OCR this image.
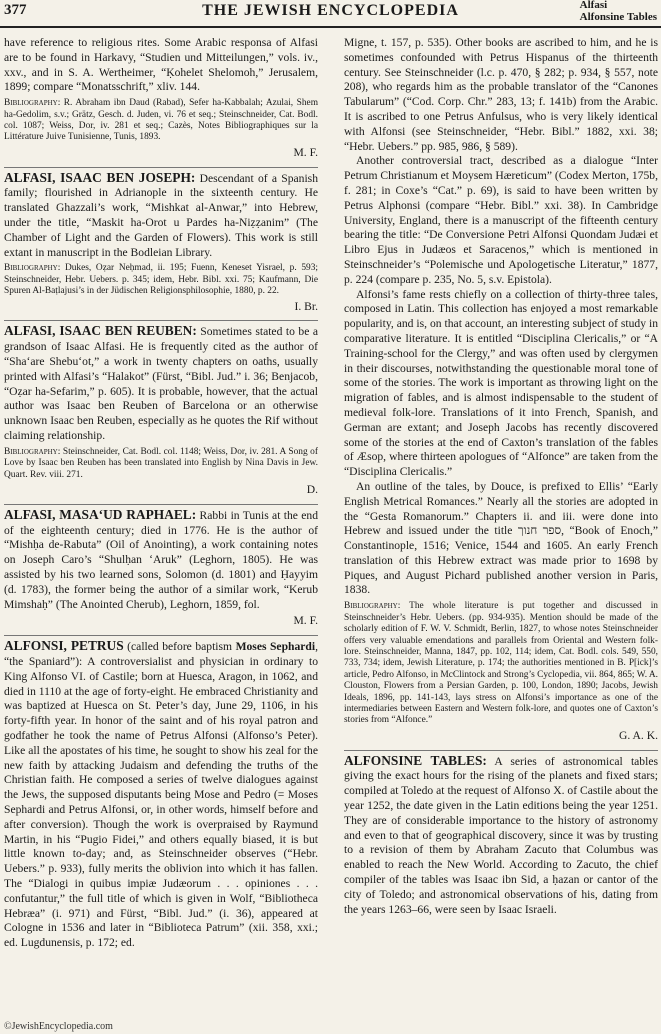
377	THE JEWISH ENCYCLOPEDIA	Alfasi
Alfonsine Tables

have reference to religious rites. Some Arabic responsa of Alfasi are to be found in Harkavy, “Studien und Mitteilungen,” vols. iv., xxv., and in S. A. Wertheimer, “Ḳohelet Shelomoh,” Jerusalem, 1899; compare “Monatsschrift,” xliv. 144.

Bibliography: R. Abraham ibn Daud (Rabad), Sefer ha-Kabbalah; Azulai, Shem ha-Gedolim, s.v.; Grätz, Gesch. d. Juden, vi. 76 et seq.; Steinschneider, Cat. Bodl. col. 1087; Weiss, Dor, iv. 281 et seq.; Cazès, Notes Bibliographiques sur la Littérature Juive Tunisienne, Tunis, 1893.

M. F.

ALFASI, ISAAC BEN JOSEPH: Descendant of a Spanish family; flourished in Adrianople in the sixteenth century. He translated Ghazzali’s work, “Mishkat al-Anwar,” into Hebrew, under the title, “Maskit ha-Orot u Pardes ha-Niẓẓanim” (The Chamber of Light and the Garden of Flowers). This work is still extant in manuscript in the Bodleian Library.

Bibliography: Dukes, Oẓar Neḥmad, ii. 195; Fuenn, Keneset Yisrael, p. 593; Steinschneider, Hebr. Uebers. p. 345; idem, Hebr. Bibl. xxi. 75; Kaufmann, Die Spuren Al-Baṭlajusi’s in der Jüdischen Religionsphilosophie, 1880, p. 22.

I. Br.

ALFASI, ISAAC BEN REUBEN: Sometimes stated to be a grandson of Isaac Alfasi. He is frequently cited as the author of “Sha‘are Shebu‘ot,” a work in twenty chapters on oaths, usually printed with Alfasi’s “Halakot” (Fürst, “Bibl. Jud.” i. 36; Benjacob, “Oẓar ha-Sefarim,” p. 605). It is probable, however, that the actual author was Isaac ben Reuben of Barcelona or an otherwise unknown Isaac ben Reuben, especially as he quotes the Rif without claiming relationship.

Bibliography: Steinschneider, Cat. Bodl. col. 1148; Weiss, Dor, iv. 281. A Song of Love by Isaac ben Reuben has been translated into English by Nina Davis in Jew. Quart. Rev. viii. 271.

D.

ALFASI, MASA‘UD RAPHAEL: Rabbi in Tunis at the end of the eighteenth century; died in 1776. He is the author of “Mishḥa de-Rabuta” (Oil of Anointing), a work containing notes on Joseph Caro’s “Shulḥan ‘Aruk” (Leghorn, 1805). He was assisted by his two learned sons, Solomon (d. 1801) and Ḥayyim (d. 1783), the former being the author of a similar work, “Kerub Mimshaḥ” (The Anointed Cherub), Leghorn, 1859, fol.

M. F.

ALFONSI, PETRUS (called before baptism Moses Sephardi, “the Spaniard”): A controversialist and physician in ordinary to King Alfonso VI. of Castile; born at Huesca, Aragon, in 1062, and died in 1110 at the age of forty-eight. He embraced Christianity and was baptized at Huesca on St. Peter’s day, June 29, 1106, in his forty-fifth year. In honor of the saint and of his royal patron and godfather he took the name of Petrus Alfonsi (Alfonso’s Peter). Like all the apostates of his time, he sought to show his zeal for the new faith by attacking Judaism and defending the truths of the Christian faith. He composed a series of twelve dialogues against the Jews, the supposed disputants being Mose and Pedro (= Moses Sephardi and Petrus Alfonsi, or, in other words, himself before and after conversion). Though the work is overpraised by Raymund Martin, in his “Pugio Fidei,” and others equally biased, it is but little known to-day; and, as Steinschneider observes (“Hebr. Uebers.” p. 933), fully merits the oblivion into which it has fallen. The “Dialogi in quibus impiæ Judæorum . . . opiniones . . . confutantur,” the full title of which is given in Wolf, “Bibliotheca Hebræa” (i. 971) and Fürst, “Bibl. Jud.” (i. 36), appeared at Cologne in 1536 and later in “Biblioteca Patrum” (xii. 358, xxi.; ed. Lugdunensis, p. 172; ed.

Migne, t. 157, p. 535). Other books are ascribed to him, and he is sometimes confounded with Petrus Hispanus of the thirteenth century. See Steinschneider (l.c. p. 470, § 282; p. 934, § 557, note 208), who regards him as the probable translator of the “Canones Tabularum” (“Cod. Corp. Chr.” 283, 13; f. 141b) from the Arabic. It is ascribed to one Petrus Anfulsus, who is very likely identical with Alfonsi (see Steinschneider, “Hebr. Bibl.” 1882, xxi. 38; “Hebr. Uebers.” pp. 985, 986, § 589).

Another controversial tract, described as a dialogue “Inter Petrum Christianum et Moysem Hæreticum” (Codex Merton, 175b, f. 281; in Coxe’s “Cat.” p. 69), is said to have been written by Petrus Alphonsi (compare “Hebr. Bibl.” xxi. 38). In Cambridge University, England, there is a manuscript of the fifteenth century bearing the title: “De Conversione Petri Alfonsi Quondam Judæi et Libro Ejus in Judæos et Saracenos,” which is mentioned in Steinschneider’s “Polemische und Apologetische Literatur,” 1877, p. 224 (compare p. 235, No. 5, s.v. Epistola).

Alfonsi’s fame rests chiefly on a collection of thirty-three tales, composed in Latin. This collection has enjoyed a most remarkable popularity, and is, on that account, an interesting subject of study in comparative literature. It is entitled “Disciplina Clericalis,” or “A Training-school for the Clergy,” and was often used by clergymen in their discourses, notwithstanding the questionable moral tone of some of the stories. The work is important as throwing light on the migration of fables, and is almost indispensable to the student of medieval folk-lore. Translations of it into French, Spanish, and German are extant; and Joseph Jacobs has recently discovered some of the stories at the end of Caxton’s translation of the fables of Æsop, where thirteen apologues of “Alfonce” are taken from the “Disciplina Clericalis.”

An outline of the tales, by Douce, is prefixed to Ellis’ “Early English Metrical Romances.” Nearly all the stories are adopted in the “Gesta Romanorum.” Chapters ii. and iii. were done into Hebrew and issued under the title ספר חנוך, “Book of Enoch,” Constantinople, 1516; Venice, 1544 and 1605. An early French translation of this Hebrew extract was made prior to 1698 by Piques, and August Pichard published another version in Paris, 1838.

Bibliography: The whole literature is put together and discussed in Steinschneider’s Hebr. Uebers. (pp. 934-935). Mention should be made of the scholarly edition of F. W. V. Schmidt, Berlin, 1827, to whose notes Steinschneider offers very valuable emendations and parallels from Oriental and Western folk-lore. Steinschneider, Manna, 1847, pp. 102, 114; idem, Cat. Bodl. cols. 549, 550, 733, 734; idem, Jewish Literature, p. 174; the authorities mentioned in B. P[ick]’s article, Pedro Alfonso, in McClintock and Strong’s Cyclopedia, vii. 864, 865; W. A. Clouston, Flowers from a Persian Garden, p. 100, London, 1890; Jacobs, Jewish Ideals, 1896, pp. 141-143, lays stress on Alfonsi’s importance as one of the intermediaries between Eastern and Western folk-lore, and quotes one of Caxton’s stories from “Alfonce.”

G. A. K.

ALFONSINE TABLES: A series of astronomical tables giving the exact hours for the rising of the planets and fixed stars; compiled at Toledo at the request of Alfonso X. of Castile about the year 1252, the date given in the Latin editions being the year 1251. They are of considerable importance to the history of astronomy and even to that of geographical discovery, since it was by trusting to a revision of them by Abraham Zacuto that Columbus was enabled to reach the New World. According to Zacuto, the chief compiler of the tables was Isaac ibn Sid, a ḥazan or cantor of the city of Toledo; and astronomical observations of his, dating from the years 1263–66, were seen by Isaac Israeli.

©JewishEncyclopedia.com
